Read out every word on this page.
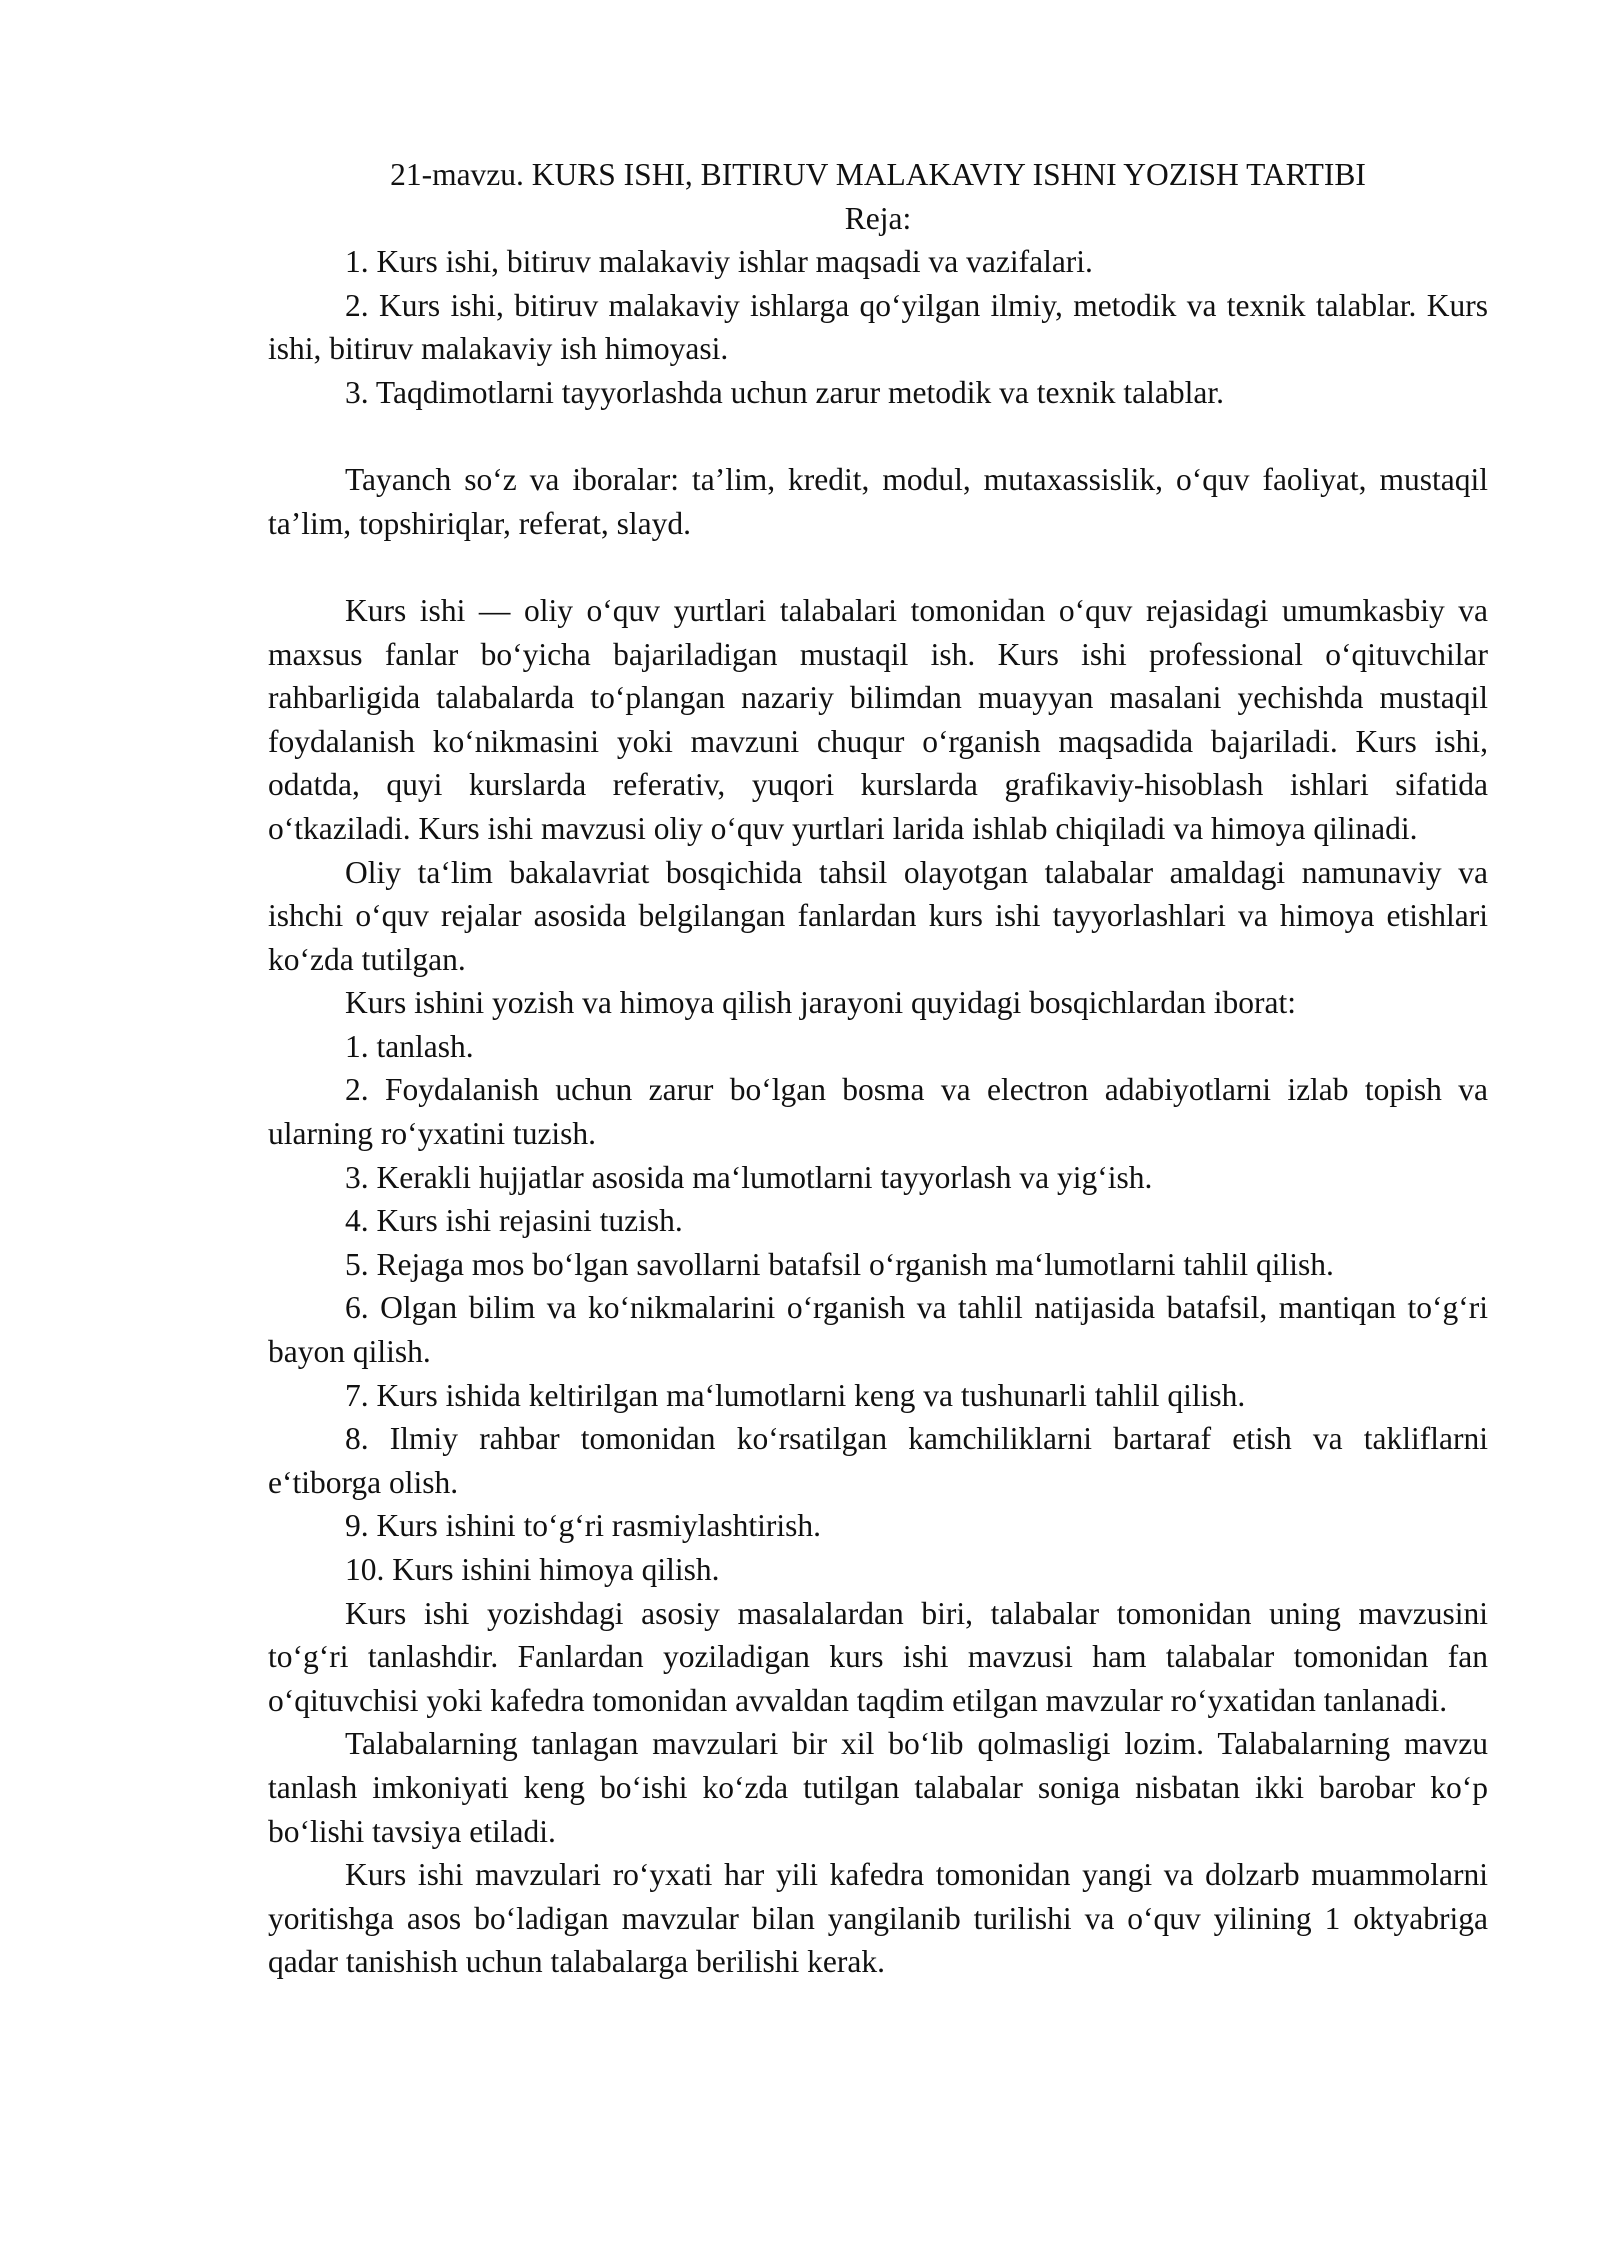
21-mavzu. KURS ISHI, BITIRUV MALAKAVIY ISHNI YOZISH TARTIBI

Reja:

1. Kurs ishi, bitiruv malakaviy ishlar maqsadi va vazifalari.

2. Kurs ishi, bitiruv malakaviy ishlarga qo‘yilgan ilmiy, metodik va texnik talablar. Kurs ishi, bitiruv malakaviy ish himoyasi.

3. Taqdimotlarni tayyorlashda uchun zarur metodik va texnik talablar.

Tayanch so‘z va iboralar: ta’lim, kredit, modul, mutaxassislik, o‘quv faoliyat, mustaqil ta’lim, topshiriqlar, referat, slayd.

Kurs ishi — oliy o‘quv yurtlari talabalari tomonidan o‘quv rejasidagi umumkasbiy va maxsus fanlar bo‘yicha bajariladigan mustaqil ish. Kurs ishi professional o‘qituvchilar rahbarligida talabalarda to‘plangan nazariy bilimdan muayyan masalani yechishda mustaqil foydalanish ko‘nikmasini yoki mavzuni chuqur o‘rganish maqsadida bajariladi. Kurs ishi, odatda, quyi kurslarda referativ, yuqori kurslarda grafikaviy-hisoblash ishlari sifatida o‘tkaziladi. Kurs ishi mavzusi oliy o‘quv yurtlari larida ishlab chiqiladi va himoya qilinadi.

Oliy ta‘lim bakalavriat bosqichida tahsil olayotgan talabalar amaldagi namunaviy va ishchi o‘quv rejalar asosida belgilangan fanlardan kurs ishi tayyorlashlari va himoya etishlari ko‘zda tutilgan.

Kurs ishini yozish va himoya qilish jarayoni quyidagi bosqichlardan iborat:

1. tanlash.

2. Foydalanish uchun zarur bo‘lgan bosma va electron adabiyotlarni izlab topish va ularning ro‘yxatini tuzish.

3. Kerakli hujjatlar asosida ma‘lumotlarni tayyorlash va yig‘ish.

4. Kurs ishi rejasini tuzish.

5. Rejaga mos bo‘lgan savollarni batafsil o‘rganish ma‘lumotlarni tahlil qilish.

6. Olgan bilim va ko‘nikmalarini o‘rganish va tahlil natijasida batafsil, mantiqan to‘g‘ri bayon qilish.

7. Kurs ishida keltirilgan ma‘lumotlarni keng va tushunarli tahlil qilish.

8. Ilmiy rahbar tomonidan ko‘rsatilgan kamchiliklarni bartaraf etish va takliflarni e‘tiborga olish.

9. Kurs ishini to‘g‘ri rasmiylashtirish.

10. Kurs ishini himoya qilish.

Kurs ishi yozishdagi asosiy masalalardan biri, talabalar tomonidan uning mavzusini to‘g‘ri tanlashdir. Fanlardan yoziladigan kurs ishi mavzusi ham talabalar tomonidan fan o‘qituvchisi yoki kafedra tomonidan avvaldan taqdim etilgan mavzular ro‘yxatidan tanlanadi.

Talabalarning tanlagan mavzulari bir xil bo‘lib qolmasligi lozim. Talabalarning mavzu tanlash imkoniyati keng bo‘ishi ko‘zda tutilgan talabalar soniga nisbatan ikki barobar ko‘p bo‘lishi tavsiya etiladi.

Kurs ishi mavzulari ro‘yxati har yili kafedra tomonidan yangi va dolzarb muammolarni yoritishga asos bo‘ladigan mavzular bilan yangilanib turilishi va o‘quv yilining 1 oktyabriga qadar tanishish uchun talabalarga berilishi kerak.
